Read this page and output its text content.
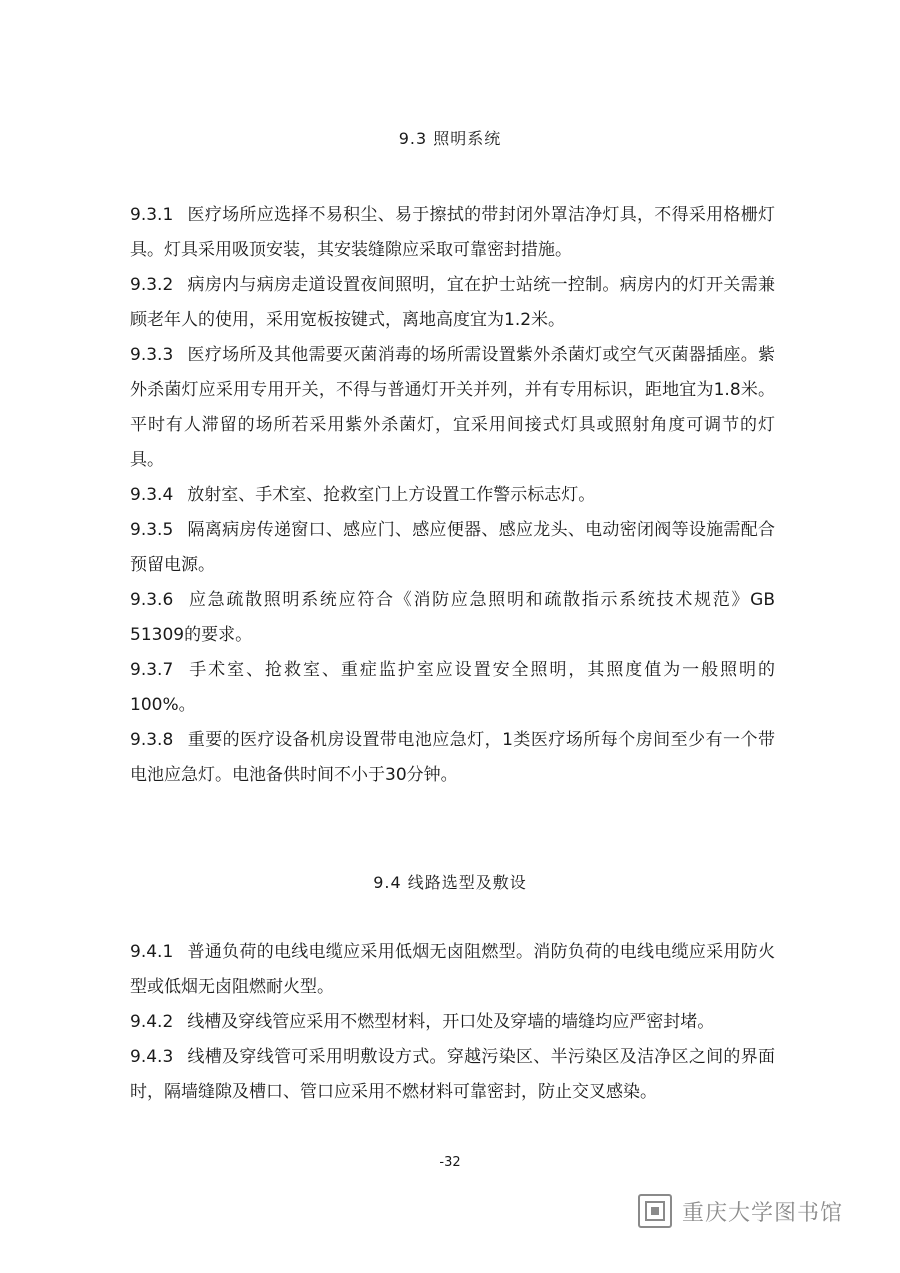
9.3 照明系统

9.3.1 医疗场所应选择不易积尘、易于擦拭的带封闭外罩洁净灯具，不得采用格栅灯具。灯具采用吸顶安装，其安装缝隙应采取可靠密封措施。

9.3.2 病房内与病房走道设置夜间照明，宜在护士站统一控制。病房内的灯开关需兼顾老年人的使用，采用宽板按键式，离地高度宜为1.2米。

9.3.3 医疗场所及其他需要灭菌消毒的场所需设置紫外杀菌灯或空气灭菌器插座。紫外杀菌灯应采用专用开关，不得与普通灯开关并列，并有专用标识，距地宜为1.8米。平时有人滞留的场所若采用紫外杀菌灯，宜采用间接式灯具或照射角度可调节的灯具。

9.3.4 放射室、手术室、抢救室门上方设置工作警示标志灯。

9.3.5 隔离病房传递窗口、感应门、感应便器、感应龙头、电动密闭阀等设施需配合预留电源。

9.3.6 应急疏散照明系统应符合《消防应急照明和疏散指示系统技术规范》GB 51309的要求。

9.3.7 手术室、抢救室、重症监护室应设置安全照明，其照度值为一般照明的100%。

9.3.8 重要的医疗设备机房设置带电池应急灯，1类医疗场所每个房间至少有一个带电池应急灯。电池备供时间不小于30分钟。

9.4 线路选型及敷设

9.4.1 普通负荷的电线电缆应采用低烟无卤阻燃型。消防负荷的电线电缆应采用防火型或低烟无卤阻燃耐火型。

9.4.2 线槽及穿线管应采用不燃型材料，开口处及穿墙的墙缝均应严密封堵。

9.4.3 线槽及穿线管可采用明敷设方式。穿越污染区、半污染区及洁净区之间的界面时，隔墙缝隙及槽口、管口应采用不燃材料可靠密封，防止交叉感染。

-32
重庆大学图书馆
